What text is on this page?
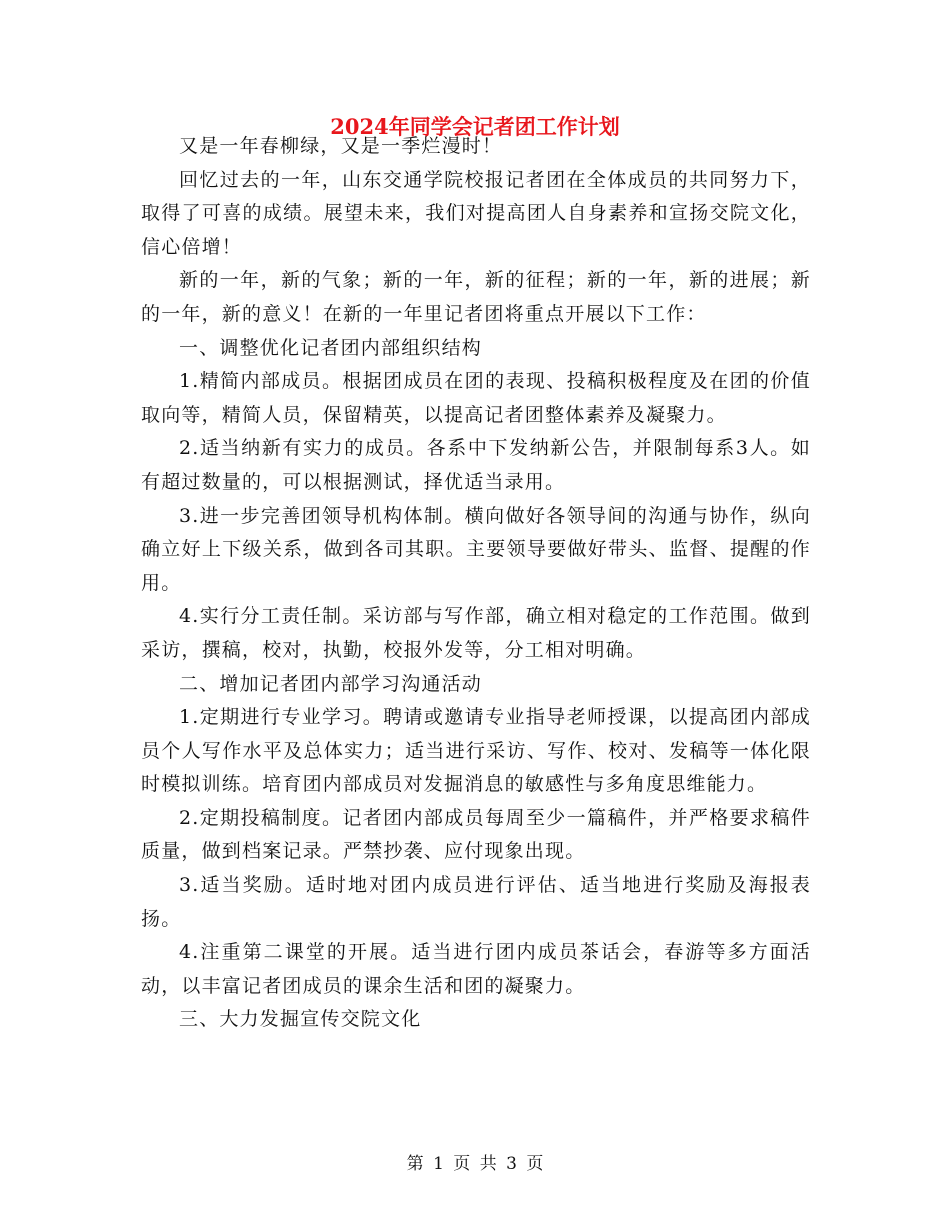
2024年同学会记者团工作计划

又是一年春柳绿，又是一季烂漫时！

回忆过去的一年，山东交通学院校报记者团在全体成员的共同努力下，取得了可喜的成绩。展望未来，我们对提高团人自身素养和宣扬交院文化，信心倍增！

新的一年，新的气象；新的一年，新的征程；新的一年，新的进展；新的一年，新的意义！在新的一年里记者团将重点开展以下工作：

一、调整优化记者团内部组织结构

1.精简内部成员。根据团成员在团的表现、投稿积极程度及在团的价值取向等，精简人员，保留精英，以提高记者团整体素养及凝聚力。

2.适当纳新有实力的成员。各系中下发纳新公告，并限制每系3人。如有超过数量的，可以根据测试，择优适当录用。

3.进一步完善团领导机构体制。横向做好各领导间的沟通与协作，纵向确立好上下级关系，做到各司其职。主要领导要做好带头、监督、提醒的作用。

4.实行分工责任制。采访部与写作部，确立相对稳定的工作范围。做到采访，撰稿，校对，执勤，校报外发等，分工相对明确。

二、增加记者团内部学习沟通活动

1.定期进行专业学习。聘请或邀请专业指导老师授课，以提高团内部成员个人写作水平及总体实力；适当进行采访、写作、校对、发稿等一体化限时模拟训练。培育团内部成员对发掘消息的敏感性与多角度思维能力。

2.定期投稿制度。记者团内部成员每周至少一篇稿件，并严格要求稿件质量，做到档案记录。严禁抄袭、应付现象出现。

3.适当奖励。适时地对团内成员进行评估、适当地进行奖励及海报表扬。

4.注重第二课堂的开展。适当进行团内成员茶话会，春游等多方面活动，以丰富记者团成员的课余生活和团的凝聚力。

三、大力发掘宣传交院文化

第 1 页 共 3 页
